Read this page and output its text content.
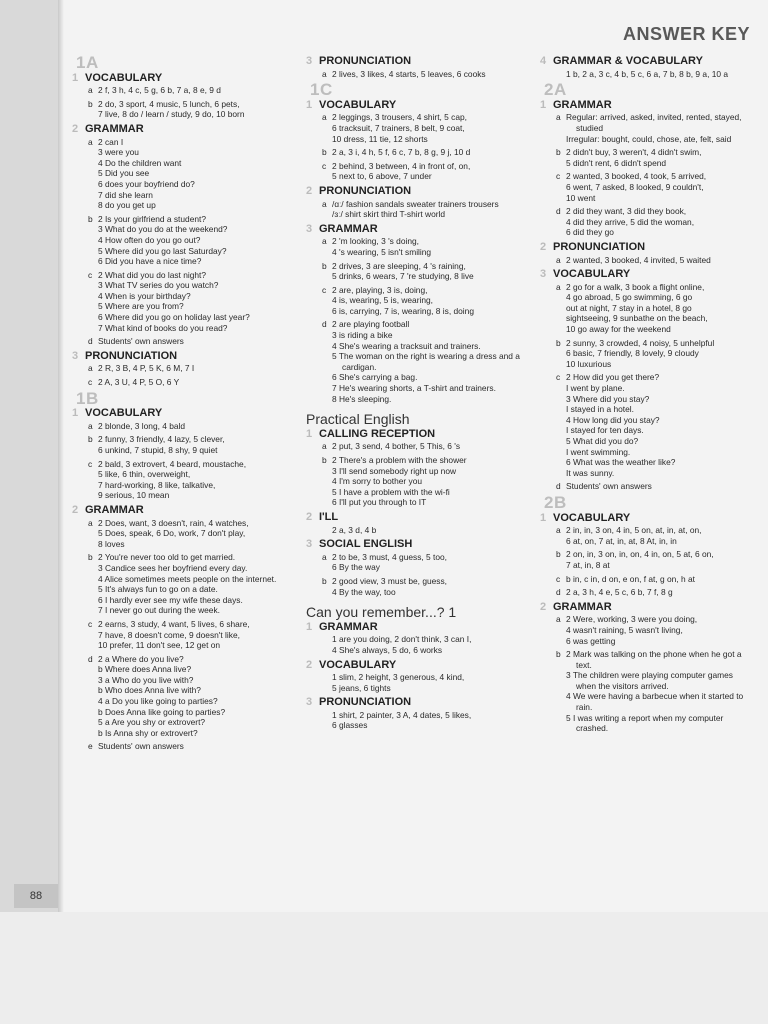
88
ANSWER KEY
1A
1 VOCABULARY
a 2 f, 3 h, 4 c, 5 g, 6 b, 7 a, 8 e, 9 d
b 2 do, 3 sport, 4 music, 5 lunch, 6 pets,
7 live, 8 do / learn / study, 9 do, 10 born
2 GRAMMAR
a 2 can I
3 were you
4 Do the children want
5 Did you see
6 does your boyfriend do?
7 did she learn
8 do you get up
b 2 Is your girlfriend a student?
3 What do you do at the weekend?
4 How often do you go out?
5 Where did you go last Saturday?
6 Did you have a nice time?
c 2 What did you do last night?
3 What TV series do you watch?
4 When is your birthday?
5 Where are you from?
6 Where did you go on holiday last year?
7 What kind of books do you read?
d Students' own answers
3 PRONUNCIATION
a 2 R, 3 B, 4 P, 5 K, 6 M, 7 I
c 2 A, 3 U, 4 P, 5 O, 6 Y
1B
1 VOCABULARY
a 2 blonde, 3 long, 4 bald
b 2 funny, 3 friendly, 4 lazy, 5 clever,
6 unkind, 7 stupid, 8 shy, 9 quiet
c 2 bald, 3 extrovert, 4 beard, moustache,
5 like, 6 thin, overweight,
7 hard-working, 8 like, talkative,
9 serious, 10 mean
2 GRAMMAR
a 2 Does, want, 3 doesn't, rain, 4 watches,
5 Does, speak, 6 Do, work, 7 don't play,
8 loves
b 2 You're never too old to get married.
3 Candice sees her boyfriend every day.
4 Alice sometimes meets people on the internet.
5 It's always fun to go on a date.
6 I hardly ever see my wife these days.
7 I never go out during the week.
c 2 earns, 3 study, 4 want, 5 lives, 6 share,
7 have, 8 doesn't come, 9 doesn't like,
10 prefer, 11 don't see, 12 get on
d 2 a Where do you live?
b Where does Anna live?
3 a Who do you live with?
b Who does Anna live with?
4 a Do you like going to parties?
b Does Anna like going to parties?
5 a Are you shy or extrovert?
b Is Anna shy or extrovert?
e Students' own answers
3 PRONUNCIATION
a 2 lives, 3 likes, 4 starts, 5 leaves, 6 cooks
1C
1 VOCABULARY
a 2 leggings, 3 trousers, 4 shirt, 5 cap,
6 tracksuit, 7 trainers, 8 belt, 9 coat,
10 dress, 11 tie, 12 shorts
b 2 a, 3 i, 4 h, 5 f, 6 c, 7 b, 8 g, 9 j, 10 d
c 2 behind, 3 between, 4 in front of, on,
5 next to, 6 above, 7 under
2 PRONUNCIATION
a /ɑː/ fashion sandals sweater trainers trousers
/ɜː/ shirt skirt third T-shirt world
3 GRAMMAR
a 2 'm looking, 3 's doing,
4 's wearing, 5 isn't smiling
b 2 drives, 3 are sleeping, 4 's raining,
5 drinks, 6 wears, 7 're studying, 8 live
c 2 are, playing, 3 is, doing,
4 is, wearing, 5 is, wearing,
6 is, carrying, 7 is, wearing, 8 is, doing
d 2 are playing football
3 is riding a bike
4 She's wearing a tracksuit and trainers.
5 The woman on the right is wearing a dress and a cardigan.
6 She's carrying a bag.
7 He's wearing shorts, a T-shirt and trainers.
8 He's sleeping.
Practical English
1 CALLING RECEPTION
a 2 put, 3 send, 4 bother, 5 This, 6 's
b 2 There's a problem with the shower
3 I'll send somebody right up now
4 I'm sorry to bother you
5 I have a problem with the wi-fi
6 I'll put you through to IT
2 I'LL
2 a, 3 d, 4 b
3 SOCIAL ENGLISH
a 2 to be, 3 must, 4 guess, 5 too,
6 By the way
b 2 good view, 3 must be, guess,
4 By the way, too
Can you remember...? 1
1 GRAMMAR
1 are you doing, 2 don't think, 3 can I,
4 She's always, 5 do, 6 works
2 VOCABULARY
1 slim, 2 height, 3 generous, 4 kind,
5 jeans, 6 tights
3 PRONUNCIATION
1 shirt, 2 painter, 3 A, 4 dates, 5 likes,
6 glasses
4 GRAMMAR & VOCABULARY
1 b, 2 a, 3 c, 4 b, 5 c, 6 a, 7 b, 8 b, 9 a, 10 a
2A
1 GRAMMAR
a Regular: arrived, asked, invited, rented, stayed, studied
Irregular: bought, could, chose, ate, felt, said
b 2 didn't buy, 3 weren't, 4 didn't swim,
5 didn't rent, 6 didn't spend
c 2 wanted, 3 booked, 4 took, 5 arrived,
6 went, 7 asked, 8 looked, 9 couldn't,
10 went
d 2 did they want, 3 did they book,
4 did they arrive, 5 did the woman,
6 did they go
2 PRONUNCIATION
a 2 wanted, 3 booked, 4 invited, 5 waited
3 VOCABULARY
a 2 go for a walk, 3 book a flight online,
4 go abroad, 5 go swimming, 6 go
out at night, 7 stay in a hotel, 8 go
sightseeing, 9 sunbathe on the beach,
10 go away for the weekend
b 2 sunny, 3 crowded, 4 noisy, 5 unhelpful
6 basic, 7 friendly, 8 lovely, 9 cloudy
10 luxurious
c 2 How did you get there?
I went by plane.
3 Where did you stay?
I stayed in a hotel.
4 How long did you stay?
I stayed for ten days.
5 What did you do?
I went swimming.
6 What was the weather like?
It was sunny.
d Students' own answers
2B
1 VOCABULARY
a 2 in, in, 3 on, 4 in, 5 on, at, in, at, on,
6 at, on, 7 at, in, at, 8 At, in, in
b 2 on, in, 3 on, in, on, 4 in, on, 5 at, 6 on,
7 at, in, 8 at
c b in, c in, d on, e on, f at, g on, h at
d 2 a, 3 h, 4 e, 5 c, 6 b, 7 f, 8 g
2 GRAMMAR
a 2 Were, working, 3 were you doing,
4 wasn't raining, 5 wasn't living,
6 was getting
b 2 Mark was talking on the phone when he got a text.
3 The children were playing computer games when the visitors arrived.
4 We were having a barbecue when it started to rain.
5 I was writing a report when my computer crashed.
